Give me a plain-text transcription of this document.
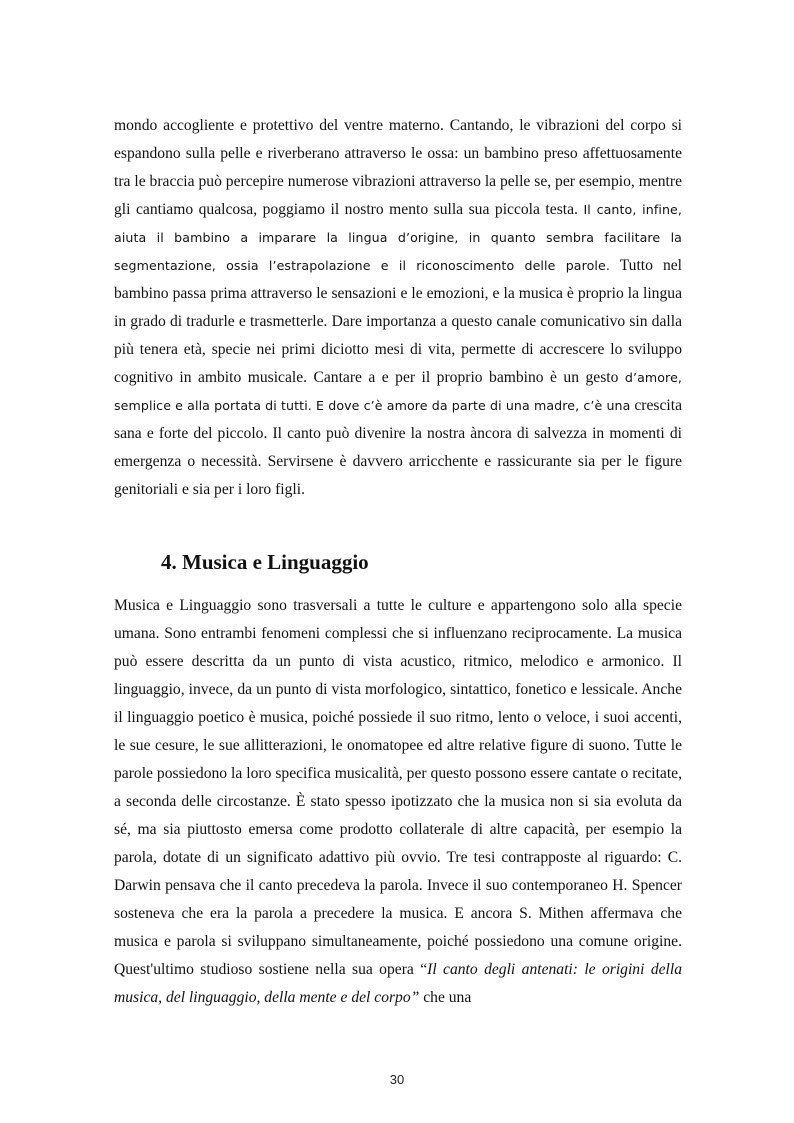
mondo accogliente e protettivo del ventre materno. Cantando, le vibrazioni del corpo si espandono sulla pelle e riverberano attraverso le ossa: un bambino preso affettuosamente tra le braccia può percepire numerose vibrazioni attraverso la pelle se, per esempio, mentre gli cantiamo qualcosa, poggiamo il nostro mento sulla sua piccola testa. Il canto, infine, aiuta il bambino a imparare la lingua d’origine, in quanto sembra facilitare la segmentazione, ossia l’estrapolazione e il riconoscimento delle parole. Tutto nel bambino passa prima attraverso le sensazioni e le emozioni, e la musica è proprio la lingua in grado di tradurle e trasmetterle. Dare importanza a questo canale comunicativo sin dalla più tenera età, specie nei primi diciotto mesi di vita, permette di accrescere lo sviluppo cognitivo in ambito musicale. Cantare a e per il proprio bambino è un gesto d’amore, semplice e alla portata di tutti. E dove c’è amore da parte di una madre, c’è una crescita sana e forte del piccolo. Il canto può divenire la nostra àncora di salvezza in momenti di emergenza o necessità. Servirsene è davvero arricchente e rassicurante sia per le figure genitoriali e sia per i loro figli.

4. Musica e Linguaggio

Musica e Linguaggio sono trasversali a tutte le culture e appartengono solo alla specie umana. Sono entrambi fenomeni complessi che si influenzano reciprocamente. La musica può essere descritta da un punto di vista acustico, ritmico, melodico e armonico. Il linguaggio, invece, da un punto di vista morfologico, sintattico, fonetico e lessicale. Anche il linguaggio poetico è musica, poiché possiede il suo ritmo, lento o veloce, i suoi accenti, le sue cesure, le sue allitterazioni, le onomatopee ed altre relative figure di suono. Tutte le parole possiedono la loro specifica musicalità, per questo possono essere cantate o recitate, a seconda delle circostanze. È stato spesso ipotizzato che la musica non si sia evoluta da sé, ma sia piuttosto emersa come prodotto collaterale di altre capacità, per esempio la parola, dotate di un significato adattivo più ovvio. Tre tesi contrapposte al riguardo: C. Darwin pensava che il canto precedeva la parola. Invece il suo contemporaneo H. Spencer sosteneva che era la parola a precedere la musica. E ancora S. Mithen affermava che musica e parola si sviluppano simultaneamente, poiché possiedono una comune origine. Quest'ultimo studioso sostiene nella sua opera “Il canto degli antenati: le origini della musica, del linguaggio, della mente e del corpo” che una

30
